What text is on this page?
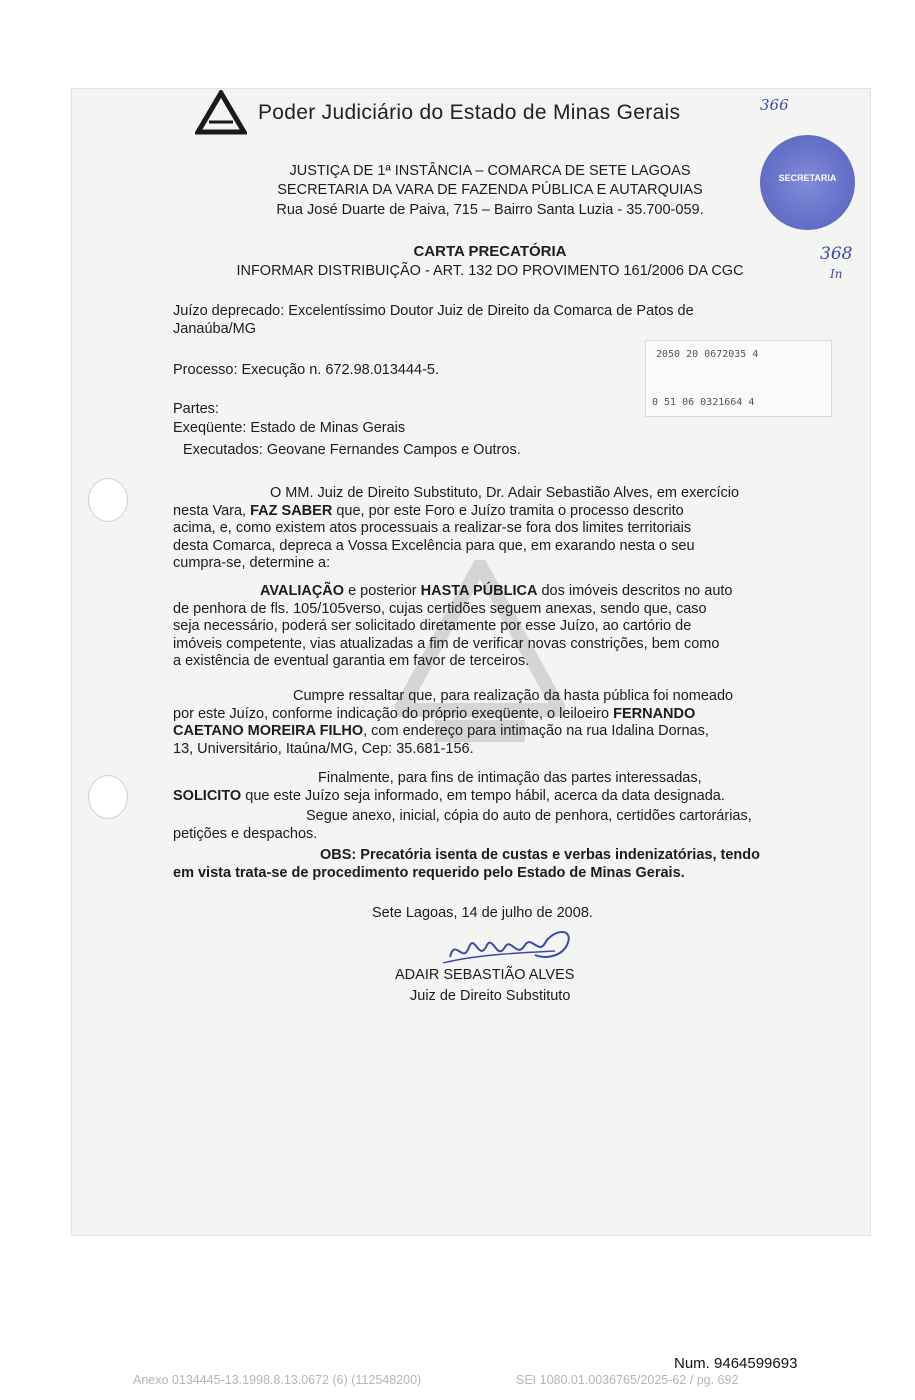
Poder Judiciário do Estado de Minas Gerais	366
JUSTIÇA DE 1ª INSTÂNCIA – COMARCA DE SETE LAGOAS
SECRETARIA DA VARA DE FAZENDA PÚBLICA E AUTARQUIAS
Rua José Duarte de Paiva, 715 – Bairro Santa Luzia - 35.700-059.
SECRETARIA
CARTA PRECATÓRIA
INFORMAR DISTRIBUIÇÃO - ART. 132 DO PROVIMENTO 161/2006 DA CGC
368
In
Juízo deprecado: Excelentíssimo Doutor Juiz de Direito da Comarca de Patos de
Janaúba/MG
2050 20 0672035 4
0 51 06 0321664 4
Processo: Execução n. 672.98.013444-5.
Partes:
Exeqüente: Estado de Minas Gerais
Executados: Geovane Fernandes Campos e Outros.
O MM. Juiz de Direito Substituto, Dr. Adair Sebastião Alves, em exercício
nesta Vara, FAZ SABER que, por este Foro e Juízo tramita o processo descrito
acima, e, como existem atos processuais a realizar-se fora dos limites territoriais
desta Comarca, depreca a Vossa Excelência para que, em exarando nesta o seu
cumpra-se, determine a:
AVALIAÇÃO e posterior HASTA PÚBLICA dos imóveis descritos no auto
de penhora de fls. 105/105verso, cujas certidões seguem anexas, sendo que, caso
seja necessário, poderá ser solicitado diretamente por esse Juízo, ao cartório de
imóveis competente, vias atualizadas a fim de verificar novas constrições, bem como
a existência de eventual garantia em favor de terceiros.
Cumpre ressaltar que, para realização da hasta pública foi nomeado
por este Juízo, conforme indicação do próprio exeqüente, o leiloeiro FERNANDO
CAETANO MOREIRA FILHO, com endereço para intimação na rua Idalina Dornas,
13, Universitário, Itaúna/MG, Cep: 35.681-156.
Finalmente, para fins de intimação das partes interessadas,
SOLICITO que este Juízo seja informado, em tempo hábil, acerca da data designada.
Segue anexo, inicial, cópia do auto de penhora, certidões cartorárias,
petições e despachos.
OBS: Precatória isenta de custas e verbas indenizatórias, tendo
em vista trata-se de procedimento requerido pelo Estado de Minas Gerais.
Sete Lagoas, 14 de julho de 2008.
ADAIR SEBASTIÃO ALVES
Juiz de Direito Substituto
Num. 9464599693
Anexo 0134445-13.1998.8.13.0672 (6) (112548200)	SEI 1080.01.0036765/2025-62 / pg. 692
